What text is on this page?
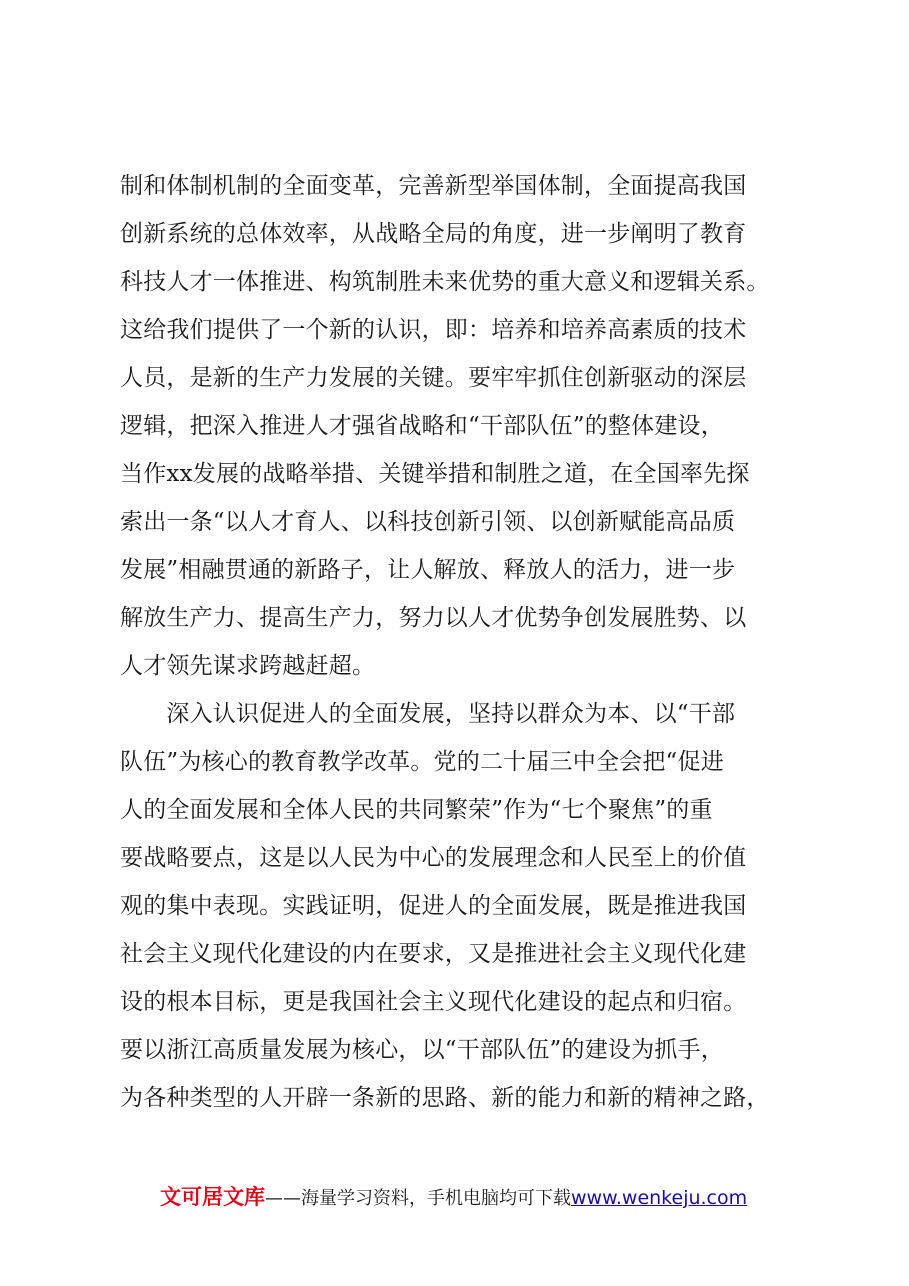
制和体制机制的全面变革，完善新型举国体制，全面提高我国
创新系统的总体效率，从战略全局的角度，进一步阐明了教育
科技人才一体推进、构筑制胜未来优势的重大意义和逻辑关系。
这给我们提供了一个新的认识，即：培养和培养高素质的技术
人员，是新的生产力发展的关键。要牢牢抓住创新驱动的深层
逻辑，把深入推进人才强省战略和“干部队伍”的整体建设，
当作xx发展的战略举措、关键举措和制胜之道，在全国率先探
索出一条“以人才育人、以科技创新引领、以创新赋能高品质
发展”相融贯通的新路子，让人解放、释放人的活力，进一步
解放生产力、提高生产力，努力以人才优势争创发展胜势、以
人才领先谋求跨越赶超。
　　深入认识促进人的全面发展，坚持以群众为本、以“干部
队伍”为核心的教育教学改革。党的二十届三中全会把“促进
人的全面发展和全体人民的共同繁荣”作为“七个聚焦”的重
要战略要点，这是以人民为中心的发展理念和人民至上的价值
观的集中表现。实践证明，促进人的全面发展，既是推进我国
社会主义现代化建设的内在要求，又是推进社会主义现代化建
设的根本目标，更是我国社会主义现代化建设的起点和归宿。
要以浙江高质量发展为核心，以“干部队伍”的建设为抓手，
为各种类型的人开辟一条新的思路、新的能力和新的精神之路，
文可居文库——海量学习资料，手机电脑均可下载www.wenkeju.com
